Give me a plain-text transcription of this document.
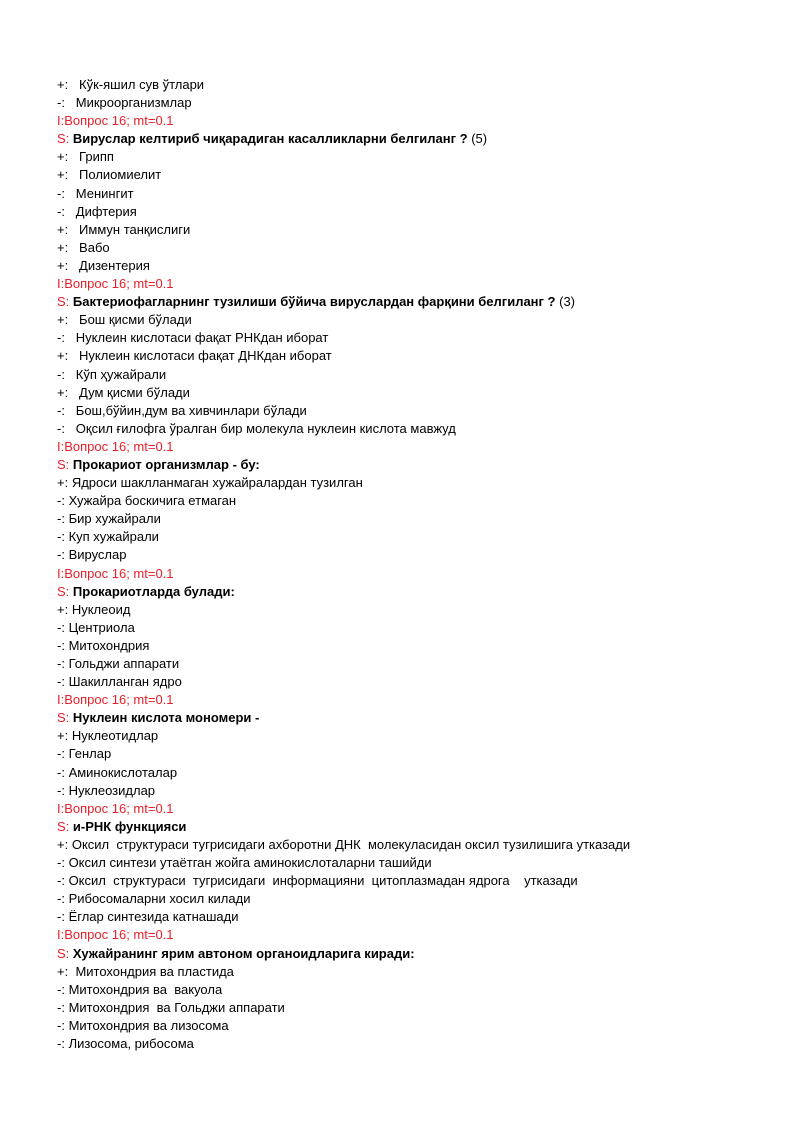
+:   Кўк-яшил сув ўтлари
-:   Микроорганизмлар
I:Вопрос 16; mt=0.1
S: Вируслар келтириб чиқарадиган касалликларни белгиланг ? (5)
+:   Грипп
+:   Полиомиелит
-:   Менингит
-:   Дифтерия
+:   Иммун танқислиги
+:   Вабо
+:   Дизентерия
I:Вопрос 16; mt=0.1
S: Бактериофагларнинг тузилиши бўйича вируслардан фарқини белгиланг ? (3)
+:   Бош қисми бўлади
-:   Нуклеин кислотаси фақат РНКдан иборат
+:   Нуклеин кислотаси фақат ДНКдан иборат
-:   Кўп ҳужайрали
+:   Дум қисми бўлади
-:   Бош,бўйин,дум ва хивчинлари бўлади
-:   Оқсил ғилофга ўралган бир молекула нуклеин кислота мавжуд
I:Вопрос 16; mt=0.1
S: Прокариот организмлар - бу:
+: Ядроси шаклланмаган хужайралардан тузилган
-: Хужайра боскичига етмаган
-: Бир хужайрали
-: Куп хужайрали
-: Вируслар
I:Вопрос 16; mt=0.1
S: Прокариотларда булади:
+: Нуклеоид
-: Центриола
-: Митохондрия
-: Гольджи аппарати
-: Шакилланган ядро
I:Вопрос 16; mt=0.1
S: Нуклеин кислота мономери -
+: Нуклеотидлар
-: Генлар
-: Аминокислоталар
-: Нуклеозидлар
I:Вопрос 16; mt=0.1
S: и-РНК функцияси
+: Оксил  структураси тугрисидаги ахборотни ДНК  молекуласидан оксил тузилишига утказади
-: Оксил синтези утаётган жойга аминокислоталарни ташийди
-: Оксил  структураси  тугрисидаги  информацияни  цитоплазмадан ядрога    утказади
-: Рибосомаларни хосил килади
-: Ёглар синтезида катнашади
I:Вопрос 16; mt=0.1
S: Хужайранинг ярим автоном органоидларига киради:
+:  Митохондрия ва пластида
-: Митохондрия ва  вакуола
-: Митохондрия  ва Гольджи аппарати
-: Митохондрия ва лизосома
-: Лизосома, рибосома
